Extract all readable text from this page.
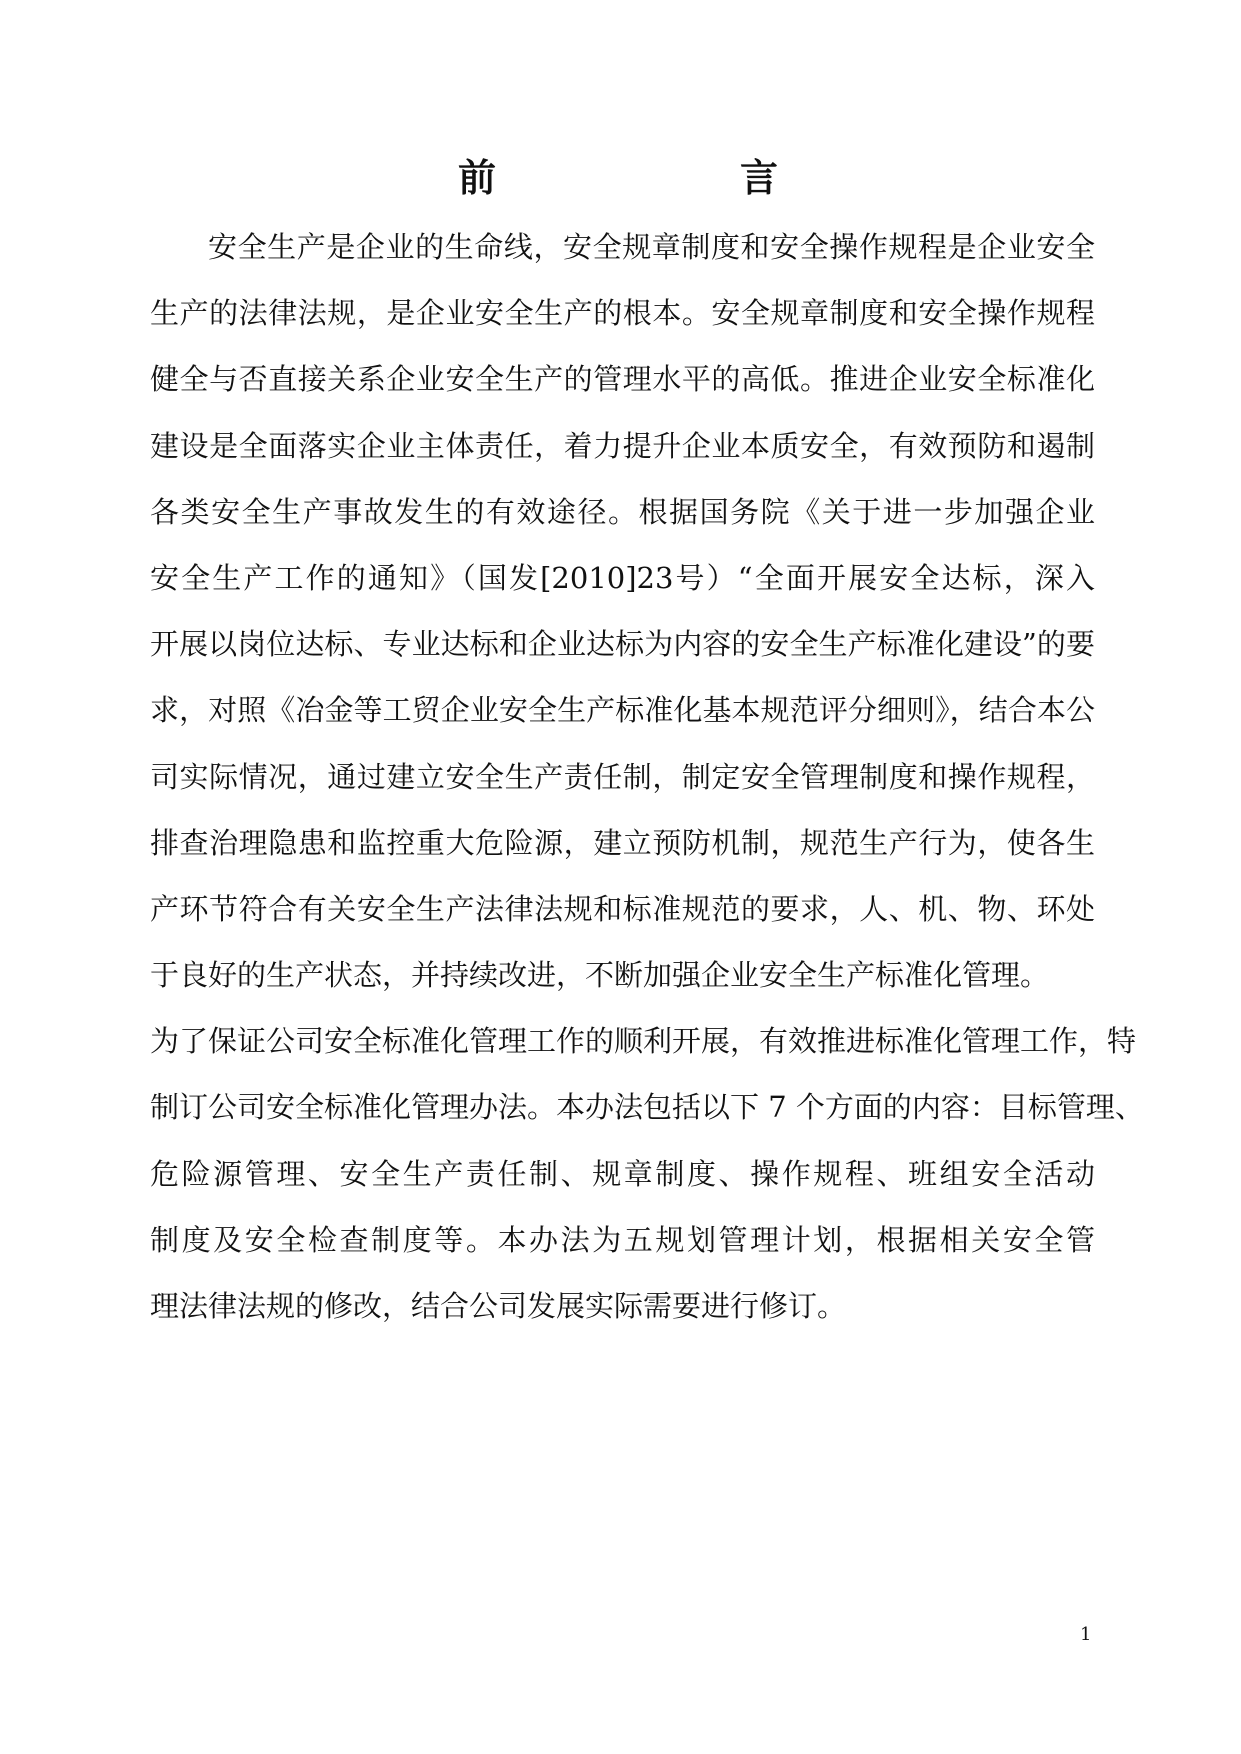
前	言
安全生产是企业的生命线，安全规章制度和安全操作规程是企业安全
生产的法律法规，是企业安全生产的根本。安全规章制度和安全操作规程
健全与否直接关系企业安全生产的管理水平的高低。推进企业安全标准化
建设是全面落实企业主体责任，着力提升企业本质安全，有效预防和遏制
各类安全生产事故发生的有效途径。根据国务院《关于进一步加强企业
安全生产工作的通知》（国发[2010]23号）“全面开展安全达标，深入
开展以岗位达标、专业达标和企业达标为内容的安全生产标准化建设”的要
求，对照《冶金等工贸企业安全生产标准化基本规范评分细则》，结合本公
司实际情况，通过建立安全生产责任制，制定安全管理制度和操作规程，
排查治理隐患和监控重大危险源，建立预防机制，规范生产行为，使各生
产环节符合有关安全生产法律法规和标准规范的要求，人、机、物、环处
于良好的生产状态，并持续改进，不断加强企业安全生产标准化管理。
为了保证公司安全标准化管理工作的顺利开展，有效推进标准化管理工作，特
制订公司安全标准化管理办法。本办法包括以下 7 个方面的内容：目标管理、
危险源管理、安全生产责任制、规章制度、操作规程、班组安全活动
制度及安全检查制度等。本办法为五规划管理计划，根据相关安全管
理法律法规的修改，结合公司发展实际需要进行修订。
1
